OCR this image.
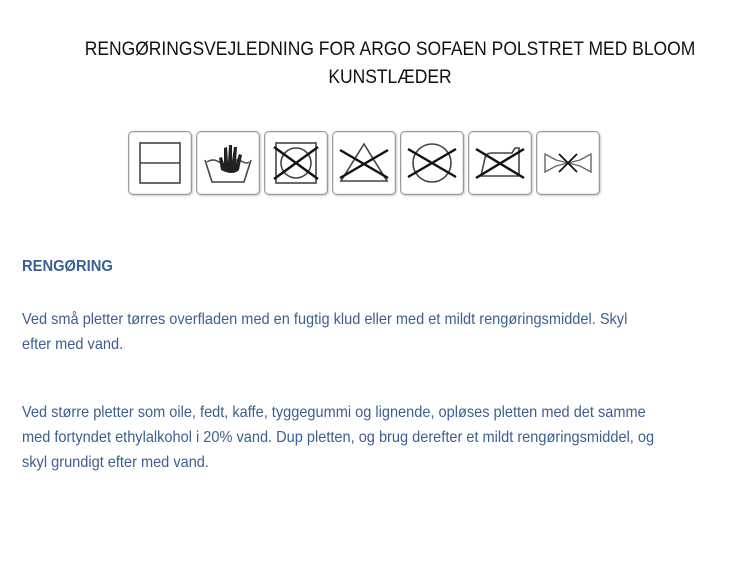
RENGØRINGSVEJLEDNING FOR ARGO SOFAEN POLSTRET MED BLOOM
KUNSTLÆDER
RENGØRING
Ved små pletter tørres overfladen med en fugtig klud eller med et mildt rengøringsmiddel. Skyl
efter med vand.
Ved større pletter som oile, fedt, kaffe, tyggegummi og lignende, opløses pletten med det samme
med fortyndet ethylalkohol i 20% vand. Dup pletten, og brug derefter et mildt rengøringsmiddel, og
skyl grundigt efter med vand.
